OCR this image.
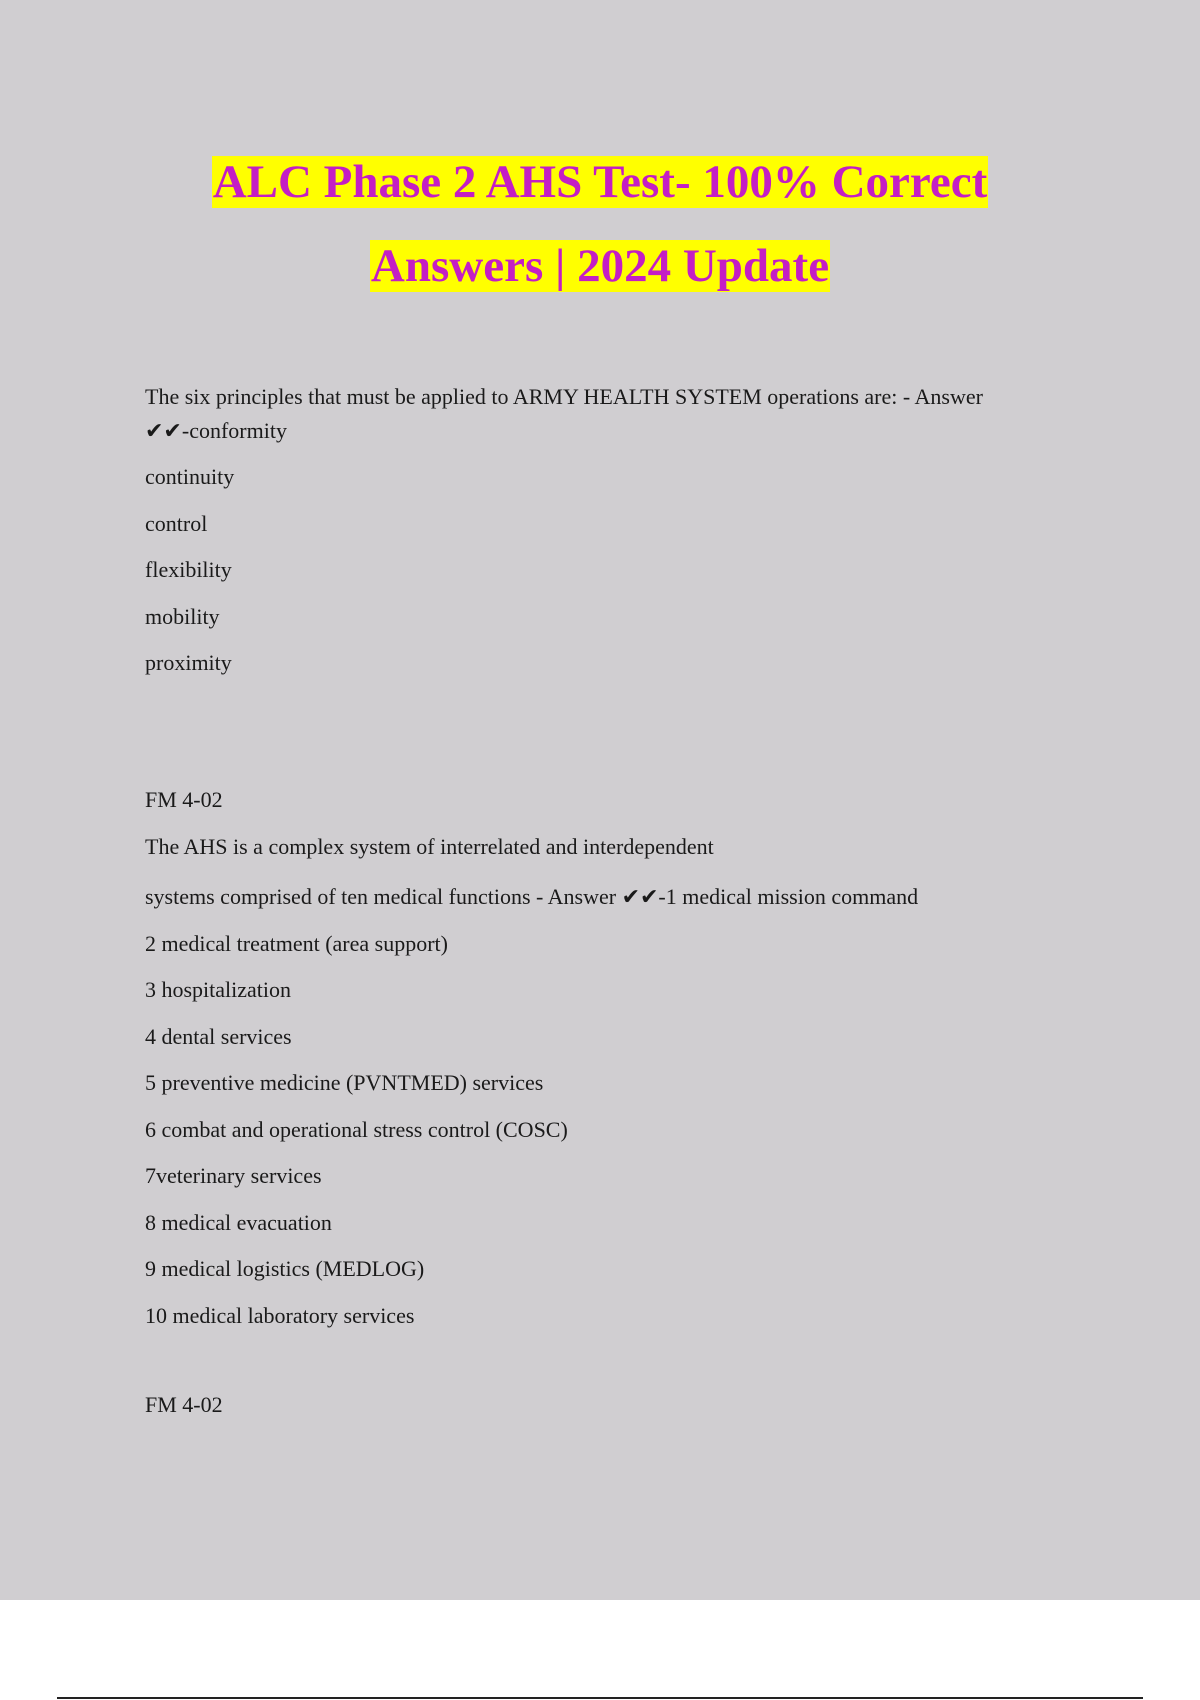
ALC Phase 2 AHS Test- 100% Correct
Answers | 2024 Update
The six principles that must be applied to ARMY HEALTH SYSTEM operations are: - Answer
✔✔-conformity
continuity
control
flexibility
mobility
proximity
FM 4-02
The AHS is a complex system of interrelated and interdependent
systems comprised of ten medical functions - Answer ✔✔-1 medical mission command
2 medical treatment (area support)
3 hospitalization
4 dental services
5 preventive medicine (PVNTMED) services
6 combat and operational stress control (COSC)
7veterinary services
8 medical evacuation
9 medical logistics (MEDLOG)
10 medical laboratory services
FM 4-02
